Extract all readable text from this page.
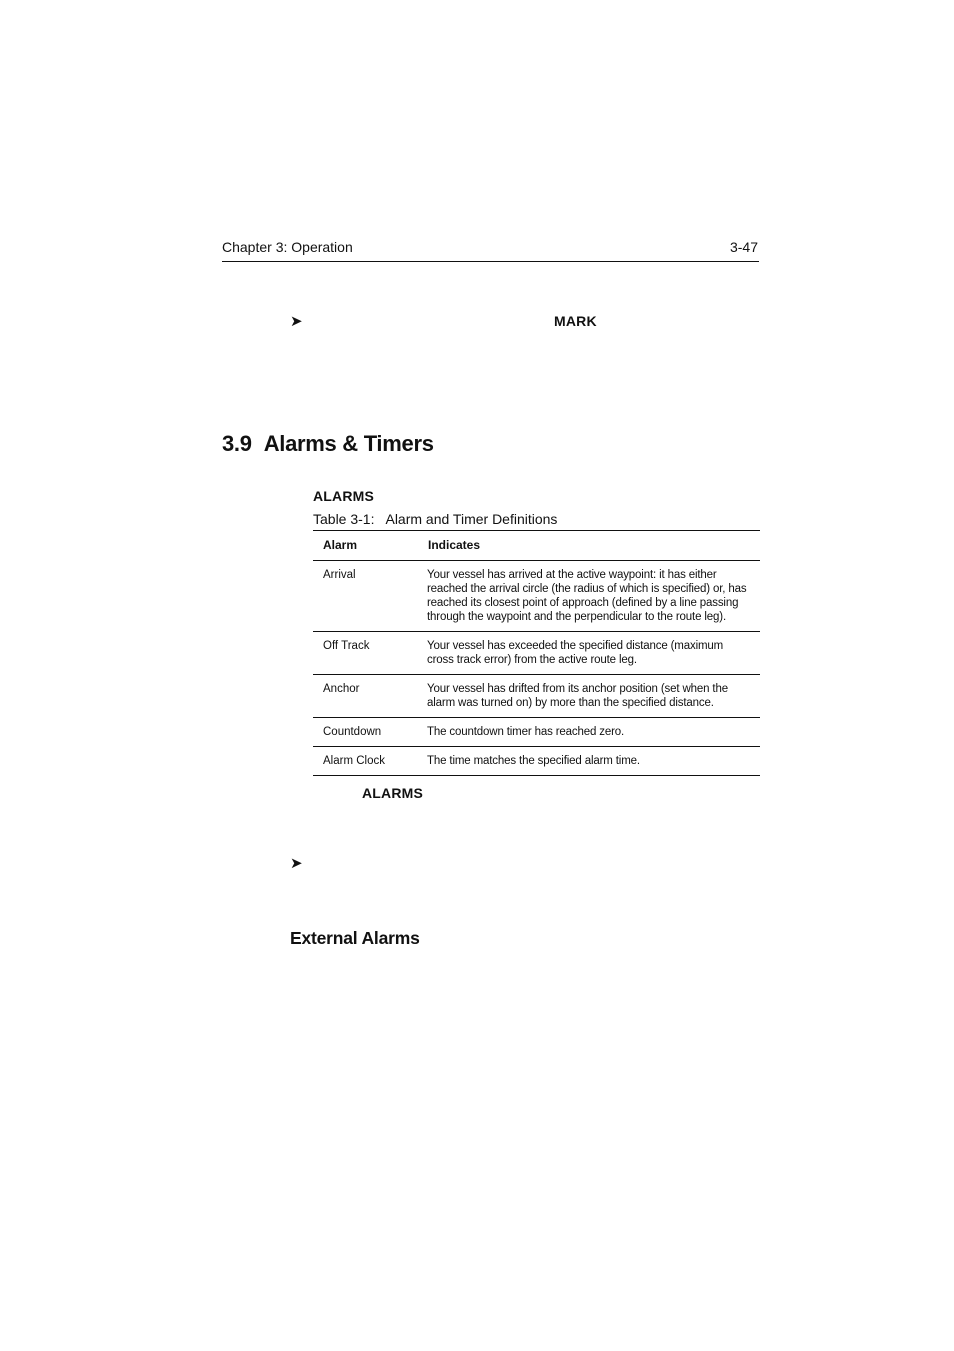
Chapter 3: Operation	3-47
➤	MARK
3.9 Alarms & Timers
ALARMS
Table 3-1: Alarm and Timer Definitions
Alarm	Indicates
Arrival	Your vessel has arrived at the active waypoint: it has either reached the arrival circle (the radius of which is specified) or, has reached its closest point of approach (defined by a line passing through the waypoint and the perpendicular to the route leg).
Off Track	Your vessel has exceeded the specified distance (maximum cross track error) from the active route leg.
Anchor	Your vessel has drifted from its anchor position (set when the alarm was turned on) by more than the specified distance.
Countdown	The countdown timer has reached zero.
Alarm Clock	The time matches the specified alarm time.
ALARMS
➤
External Alarms
